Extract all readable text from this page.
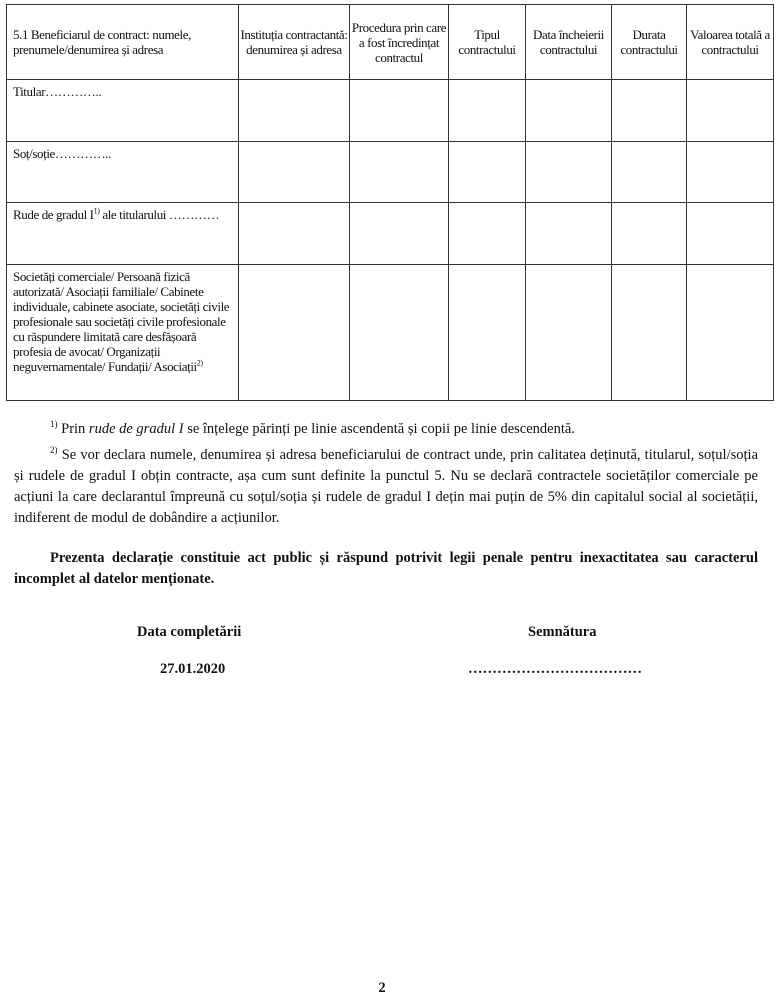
5.1 Beneficiarul de contract: numele, prenumele/denumirea și adresa	Instituția contractantă: denumirea și adresa	Procedura prin care a fost încredințat contractul	Tipul contractului	Data încheierii contractului	Durata contractului	Valoarea totală a contractului

Titular…………..						

Soț/soție…………..						

Rude de gradul $I^{1)}$ ale titularului …………						

Societăți comerciale/ Persoană fizică autorizată/ Asociații familiale/ Cabinete individuale, cabinete asociate, societăți civile profesionale sau societăți civile profesionale cu răspundere limitată care desfășoară profesia de avocat/ Organizații neguvernamentale/ Fundații/ Asociații$^{2)}$

$^{1)}$ Prin rude de gradul I se înțelege părinți pe linie ascendentă și copii pe linie descendentă.

$^{2)}$ Se vor declara numele, denumirea și adresa beneficiarului de contract unde, prin calitatea deținută, titularul, soțul/soția și rudele de gradul I obțin contracte, așa cum sunt definite la punctul 5. Nu se declară contractele societăților comerciale pe acțiuni la care declarantul împreună cu soțul/soția și rudele de gradul I dețin mai puțin de 5% din capitalul social al societății, indiferent de modul de dobândire a acțiunilor.

Prezenta declarație constituie act public și răspund potrivit legii penale pentru inexactitatea sau caracterul incomplet al datelor menționate.

Data completării	Semnătura
27.01.2020	………………………………
2
